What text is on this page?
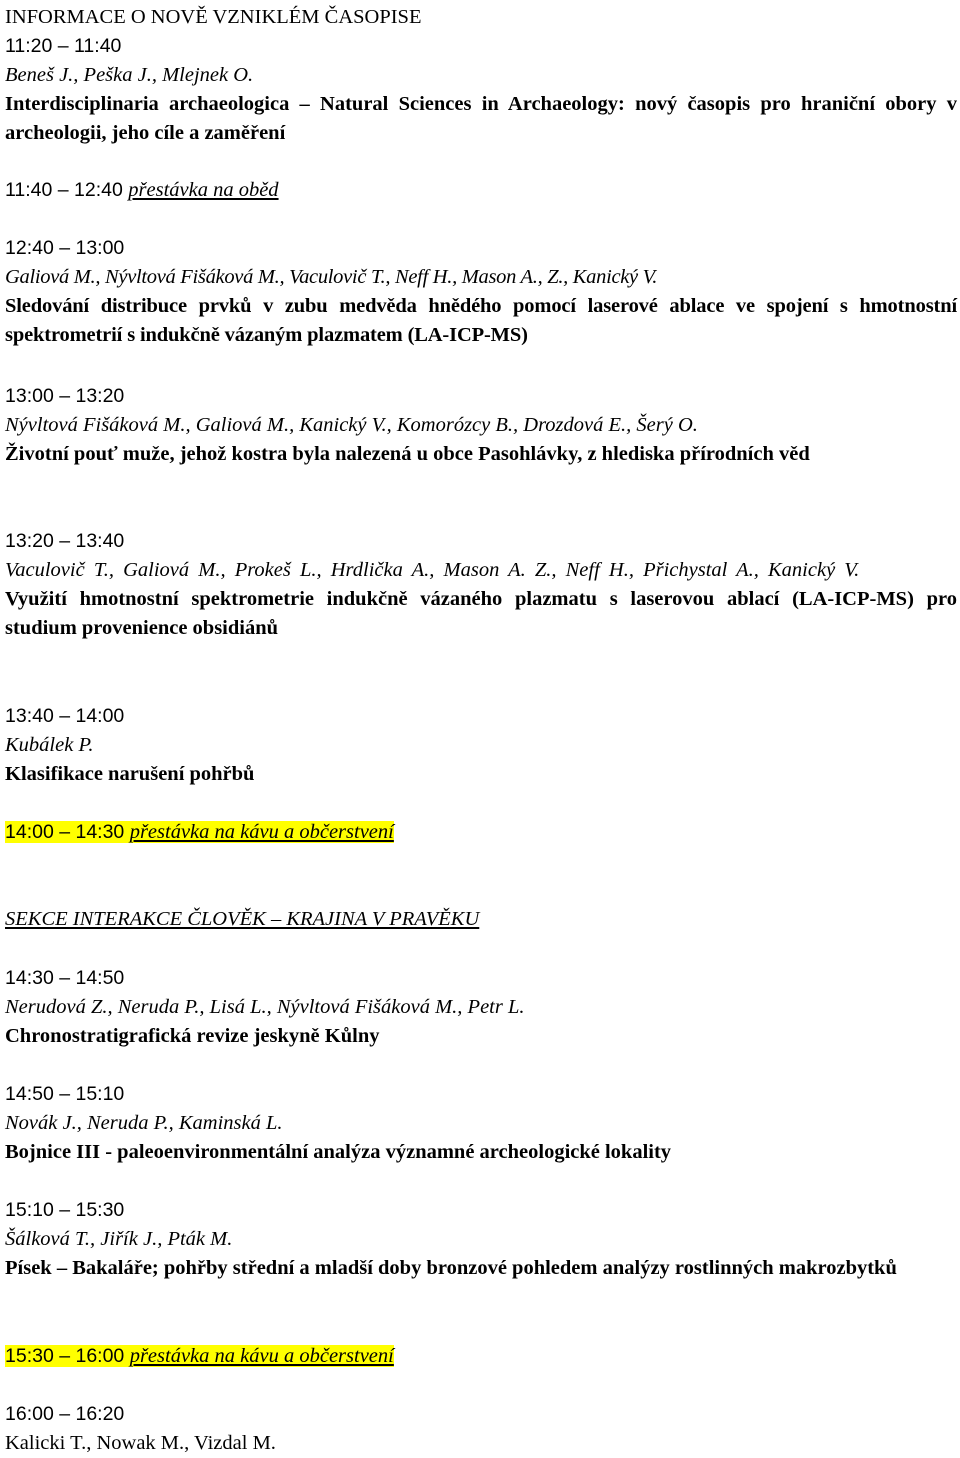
INFORMACE O NOVĚ VZNIKLÉM ČASOPISE
11:20 – 11:40
Beneš J., Peška J., Mlejnek O.
Interdisciplinaria archaeologica – Natural Sciences in Archaeology: nový časopis pro hraniční obory v archeologii, jeho cíle a zaměření
11:40 – 12:40 přestávka na oběd
12:40 – 13:00
Galiová M., Nývltová Fišáková M., Vaculovič T., Neff H., Mason A., Z., Kanický V.
Sledování distribuce prvků v zubu medvěda hnědého pomocí laserové ablace ve spojení s hmotnostní spektrometrií s indukčně vázaným plazmatem (LA-ICP-MS)
13:00 – 13:20
Nývltová Fišáková M., Galiová M., Kanický V., Komorózcy B., Drozdová E., Šerý O.
Životní pouť muže, jehož kostra byla nalezená u obce Pasohlávky, z hlediska přírodních věd
13:20 – 13:40
Vaculovič T., Galiová M., Prokeš L., Hrdlička A., Mason A. Z., Neff H., Přichystal A., Kanický V.
Využití hmotnostní spektrometrie indukčně vázaného plazmatu s laserovou ablací (LA-ICP-MS) pro studium provenience obsidiánů
13:40 – 14:00
Kubálek P.
Klasifikace narušení pohřbů
14:00 – 14:30 přestávka na kávu a občerstvení
SEKCE INTERAKCE ČLOVĚK – KRAJINA V PRAVĚKU
14:30 – 14:50
Nerudová Z., Neruda P., Lisá L., Nývltová Fišáková M., Petr L.
Chronostratigrafická revize jeskyně Kůlny
14:50 – 15:10
Novák J., Neruda P., Kaminská L.
Bojnice III - paleoenvironmentální analýza významné archeologické lokality
15:10 – 15:30
Šálková T., Jiřík J., Pták M.
Písek – Bakaláře; pohřby střední a mladší doby bronzové pohledem analýzy rostlinných makrozbytků
15:30 – 16:00 přestávka na kávu a občerstvení
16:00 – 16:20
Kalicki T., Nowak M., Vizdal M.
